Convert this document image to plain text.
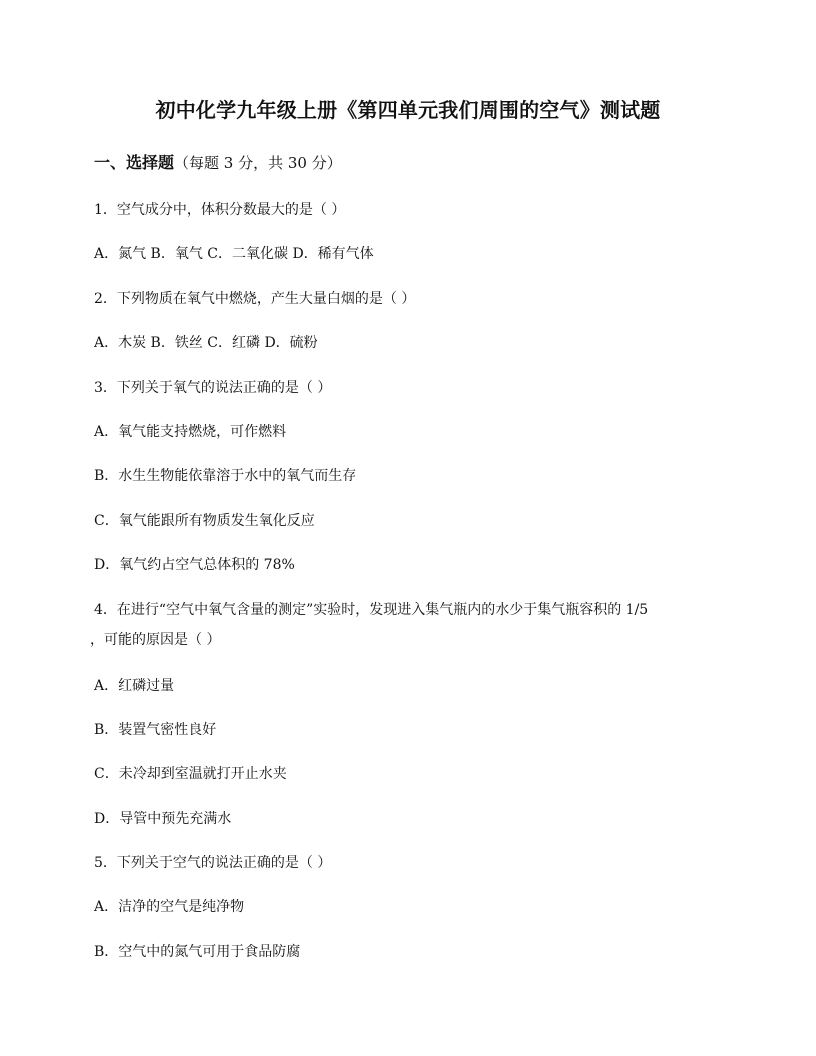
初中化学九年级上册《第四单元我们周围的空气》测试题
一、选择题（每题 3 分，共 30 分）
1．空气成分中，体积分数最大的是（ ）
A．氮气 B．氧气 C．二氧化碳 D．稀有气体
2．下列物质在氧气中燃烧，产生大量白烟的是（ ）
A．木炭 B．铁丝 C．红磷 D．硫粉
3．下列关于氧气的说法正确的是（ ）
A．氧气能支持燃烧，可作燃料
B．水生生物能依靠溶于水中的氧气而生存
C．氧气能跟所有物质发生氧化反应
D．氧气约占空气总体积的 78%
4．在进行“空气中氧气含量的测定”实验时，发现进入集气瓶内的水少于集气瓶容积的 1/5
，可能的原因是（ ）
A．红磷过量
B．装置气密性良好
C．未冷却到室温就打开止水夹
D．导管中预先充满水
5．下列关于空气的说法正确的是（ ）
A．洁净的空气是纯净物
B．空气中的氮气可用于食品防腐
